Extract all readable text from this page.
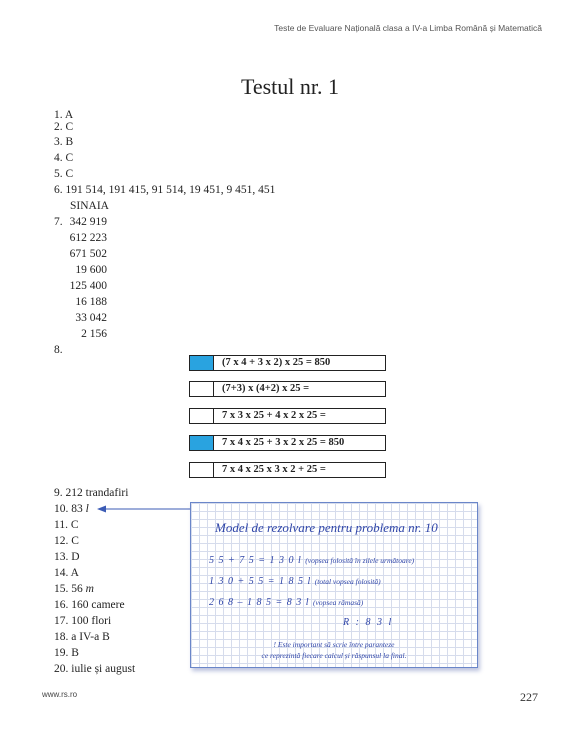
Teste de Evaluare Națională clasa a IV-a Limba Română și Matematică
Testul nr. 1
1. A
2. C
3. B
4. C
5. C
6. 191 514, 191 415, 91 514, 19 451, 9 451, 451
SINAIA
7. 342 919
612 223
671 502
19 600
125 400
16 188
33 042
2 156
8.
(7 x 4 + 3 x 2) x 25 = 850
(7+3) x (4+2) x 25 =
7 x 3 x 25 + 4 x 2 x 25 =
7 x 4 x 25 + 3 x 2 x 25 = 850
7 x 4 x 25 x 3 x 2 + 25 =
9. 212 trandafiri
10. 83 l
11. C
12. C
13. D
14. A
15. 56 m
16. 160 camere
17. 100 flori
18. a IV-a B
19. B
20. iulie și august
Model de rezolvare pentru problema nr. 10
5 5 + 7 5 = 1 3 0 l (vopsea folosită în zilele următoare)
1 3 0 + 5 5 = 1 8 5 l (total vopsea folosită)
2 6 8 – 1 8 5 = 8 3 l (vopsea rămasă)
R : 8 3 l
! Este important să scrie între paranteze
ce reprezintă fiecare calcul și răspunsul la final.
www.rs.ro	227
